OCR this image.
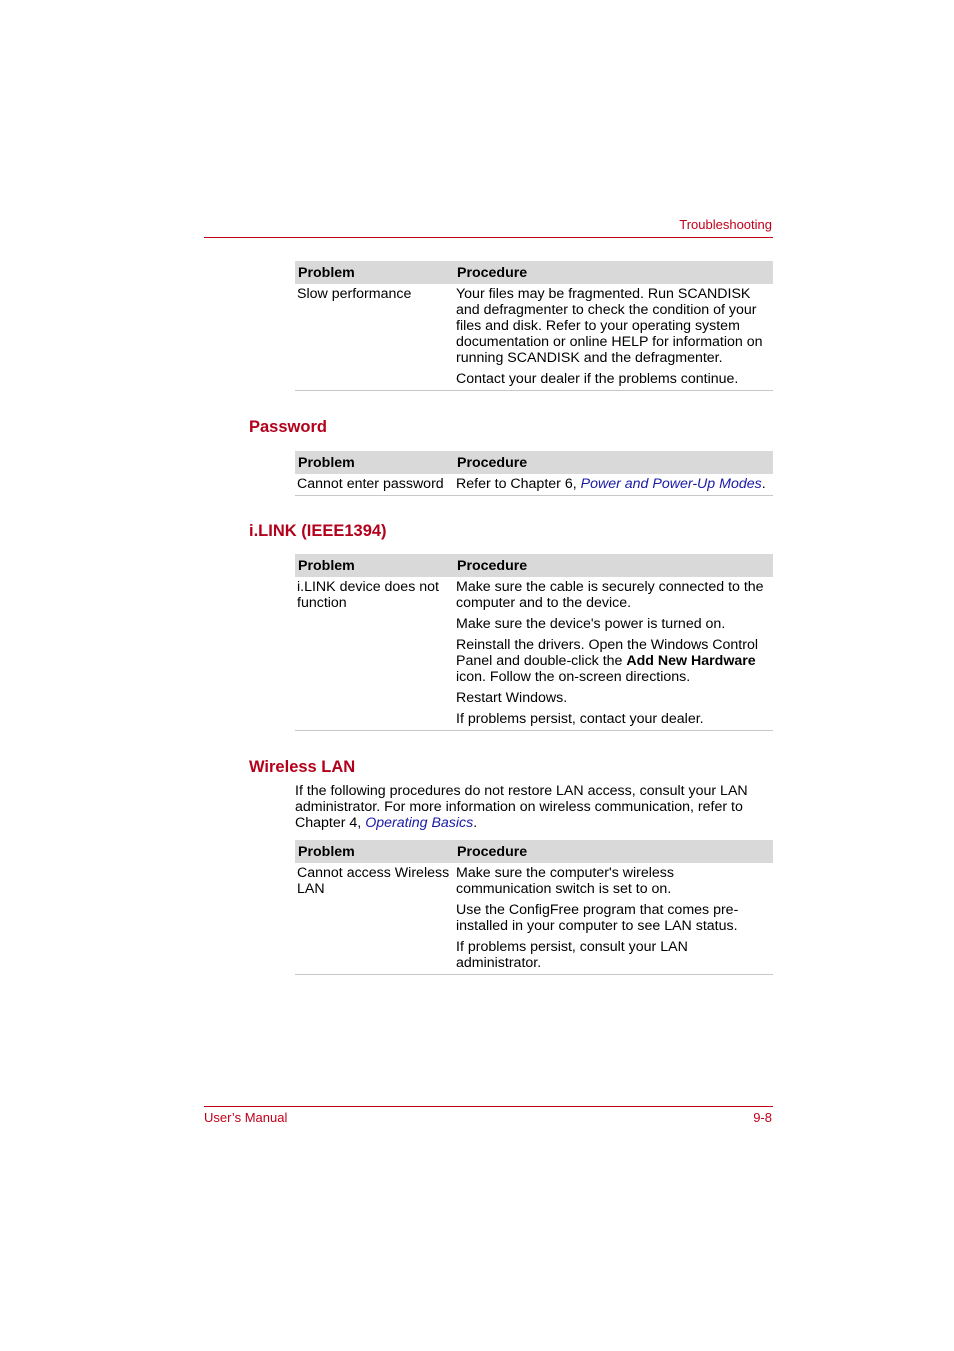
Troubleshooting
Problem	Procedure
Slow performance	Your files may be fragmented. Run SCANDISK and defragmenter to check the condition of your files and disk. Refer to your operating system documentation or online HELP for information on running SCANDISK and the defragmenter.

Contact your dealer if the problems continue.

Password
Problem	Procedure
Cannot enter password	Refer to Chapter 6, Power and Power-Up Modes.
i.LINK (IEEE1394)
Problem	Procedure
i.LINK device does not function	Make sure the cable is securely connected to the computer and to the device.

Make sure the device's power is turned on.

Reinstall the drivers. Open the Windows Control Panel and double-click the Add New Hardware icon. Follow the on-screen directions.

Restart Windows.

If problems persist, contact your dealer.

Wireless LAN
If the following procedures do not restore LAN access, consult your LAN administrator. For more information on wireless communication, refer to Chapter 4, Operating Basics.
Problem	Procedure
Cannot access Wireless LAN	Make sure the computer's wireless communication switch is set to on.

Use the ConfigFree program that comes pre-installed in your computer to see LAN status.

If problems persist, consult your LAN administrator.

User’s Manual	9-8
